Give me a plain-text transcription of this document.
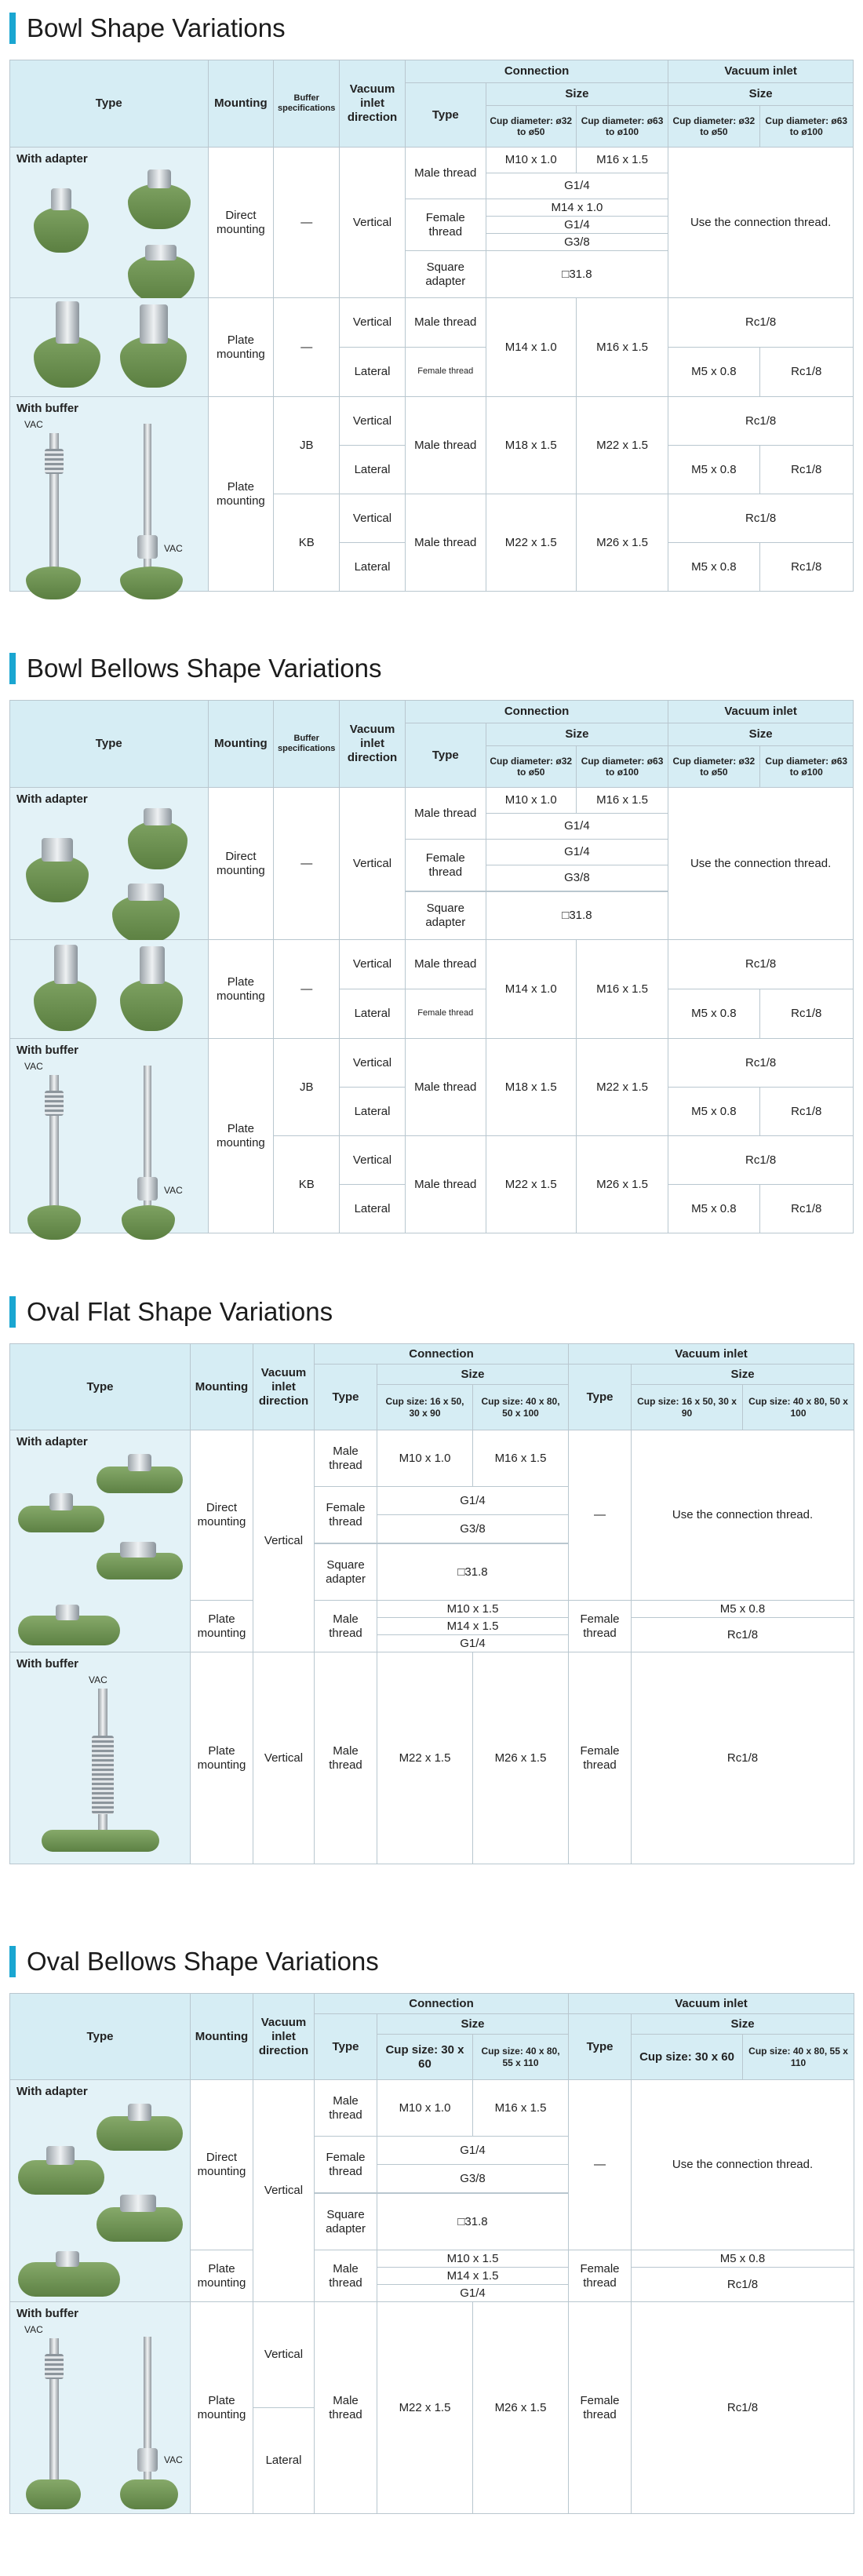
Bowl Shape Variations
Type	Mounting	Buffer specifications	Vacuum inlet direction	Connection			Vacuum inlet	
				Type	Size		Size	
					Cup diameter: ø32 to ø50	Cup diameter: ø63 to ø100	Cup diameter: ø32 to ø50	Cup diameter: ø63 to ø100

With adapter	Direct mounting	—	Vertical	Male thread	M10 x 1.0	M16 x 1.5	Use the connection thread.	
					G1/4			
				Female thread	M14 x 1.0			
					G1/4			
					G3/8			
				Square adapter	□31.8			

	Plate mounting	—	Vertical	Male thread	M14 x 1.0	M16 x 1.5	Rc1/8	
			Lateral	Female thread			M5 x 0.8	Rc1/8

With buffer
VAC
VAC	Plate mounting	JB	Vertical	Male thread	M18 x 1.5	M22 x 1.5	Rc1/8	
			Lateral				M5 x 0.8	Rc1/8
		KB	Vertical	Male thread	M22 x 1.5	M26 x 1.5	Rc1/8	
			Lateral				M5 x 0.8	Rc1/8
Bowl Bellows Shape Variations
Type	Mounting	Buffer specifications	Vacuum inlet direction	Connection			Vacuum inlet	
				Type	Size		Size	
					Cup diameter: ø32 to ø50	Cup diameter: ø63 to ø100	Cup diameter: ø32 to ø50	Cup diameter: ø63 to ø100

With adapter	Direct mounting	—	Vertical	Male thread	M10 x 1.0	M16 x 1.5	Use the connection thread.	
					G1/4			
				Female thread	G1/4			
					G3/8			

				Square adapter	□31.8			

	Plate mounting	—	Vertical	Male thread	M14 x 1.0	M16 x 1.5	Rc1/8	
			Lateral	Female thread			M5 x 0.8	Rc1/8

With buffer
VAC
VAC	Plate mounting	JB	Vertical	Male thread	M18 x 1.5	M22 x 1.5	Rc1/8	
			Lateral				M5 x 0.8	Rc1/8
		KB	Vertical	Male thread	M22 x 1.5	M26 x 1.5	Rc1/8	
			Lateral				M5 x 0.8	Rc1/8
Oval Flat Shape Variations
Type	Mounting	Vacuum inlet direction	Connection			Vacuum inlet		
			Type	Size		Type	Size	
				Cup size: 16 x 50, 30 x 90	Cup size: 40 x 80, 50 x 100		Cup size: 16 x 50, 30 x 90	Cup size: 40 x 80, 50 x 100

With adapter	Direct mounting	Vertical	Male thread	M10 x 1.0	M16 x 1.5	—	Use the connection thread.	
			Female thread	G1/4				
				G3/8				

			Square adapter	□31.8				
	Plate mounting		Male thread	M10 x 1.5		Female thread	M5 x 0.8	
				M14 x 1.5			Rc1/8	
				G1/4				

With buffer
VAC	Plate mounting	Vertical	Male thread	M22 x 1.5	M26 x 1.5	Female thread	Rc1/8	
Oval Bellows Shape Variations
Type	Mounting	Vacuum inlet direction	Connection			Vacuum inlet		
			Type	Size		Type	Size	
				Cup size: 30 x 60	Cup size: 40 x 80, 55 x 110		Cup size: 30 x 60	Cup size: 40 x 80, 55 x 110

With adapter	Direct mounting	Vertical	Male thread	M10 x 1.0	M16 x 1.5	—	Use the connection thread.	
			Female thread	G1/4				
				G3/8				

			Square adapter	□31.8				
	Plate mounting		Male thread	M10 x 1.5		Female thread	M5 x 0.8	
				M14 x 1.5			Rc1/8	
				G1/4				

With buffer
VAC
VAC	Plate mounting	Vertical	Male thread	M22 x 1.5	M26 x 1.5	Female thread	Rc1/8	
		Lateral						
